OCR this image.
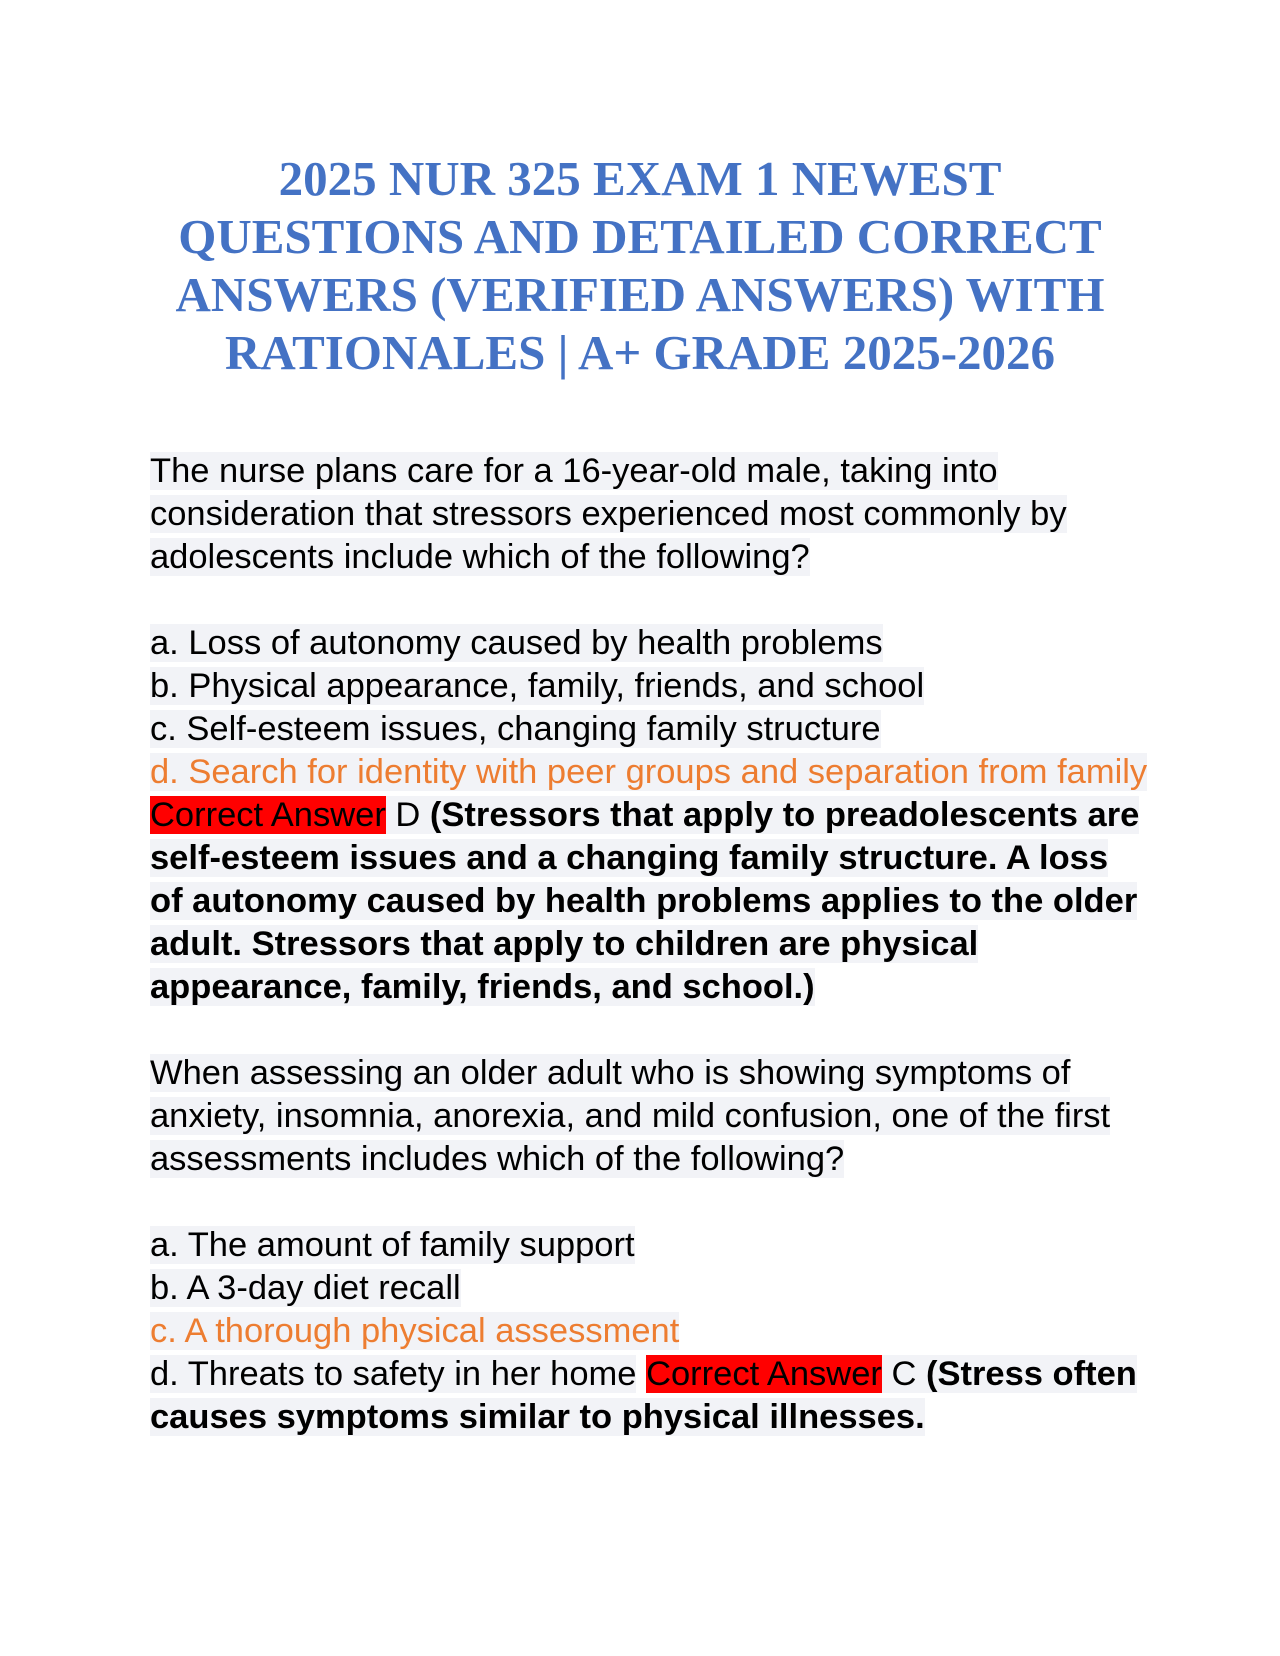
2025 NUR 325 EXAM 1 NEWEST
QUESTIONS AND DETAILED CORRECT
ANSWERS (VERIFIED ANSWERS) WITH
RATIONALES | A+ GRADE 2025-2026

The nurse plans care for a 16-year-old male, taking into consideration that stressors experienced most commonly by adolescents include which of the following?

a. Loss of autonomy caused by health problems
b. Physical appearance, family, friends, and school
c. Self-esteem issues, changing family structure
d. Search for identity with peer groups and separation from family Correct Answer D (Stressors that apply to preadolescents are self-esteem issues and a changing family structure. A loss of autonomy caused by health problems applies to the older adult. Stressors that apply to children are physical appearance, family, friends, and school.)

When assessing an older adult who is showing symptoms of anxiety, insomnia, anorexia, and mild confusion, one of the first assessments includes which of the following?

a. The amount of family support
b. A 3-day diet recall
c. A thorough physical assessment
d. Threats to safety in her home Correct Answer C (Stress often causes symptoms similar to physical illnesses.
